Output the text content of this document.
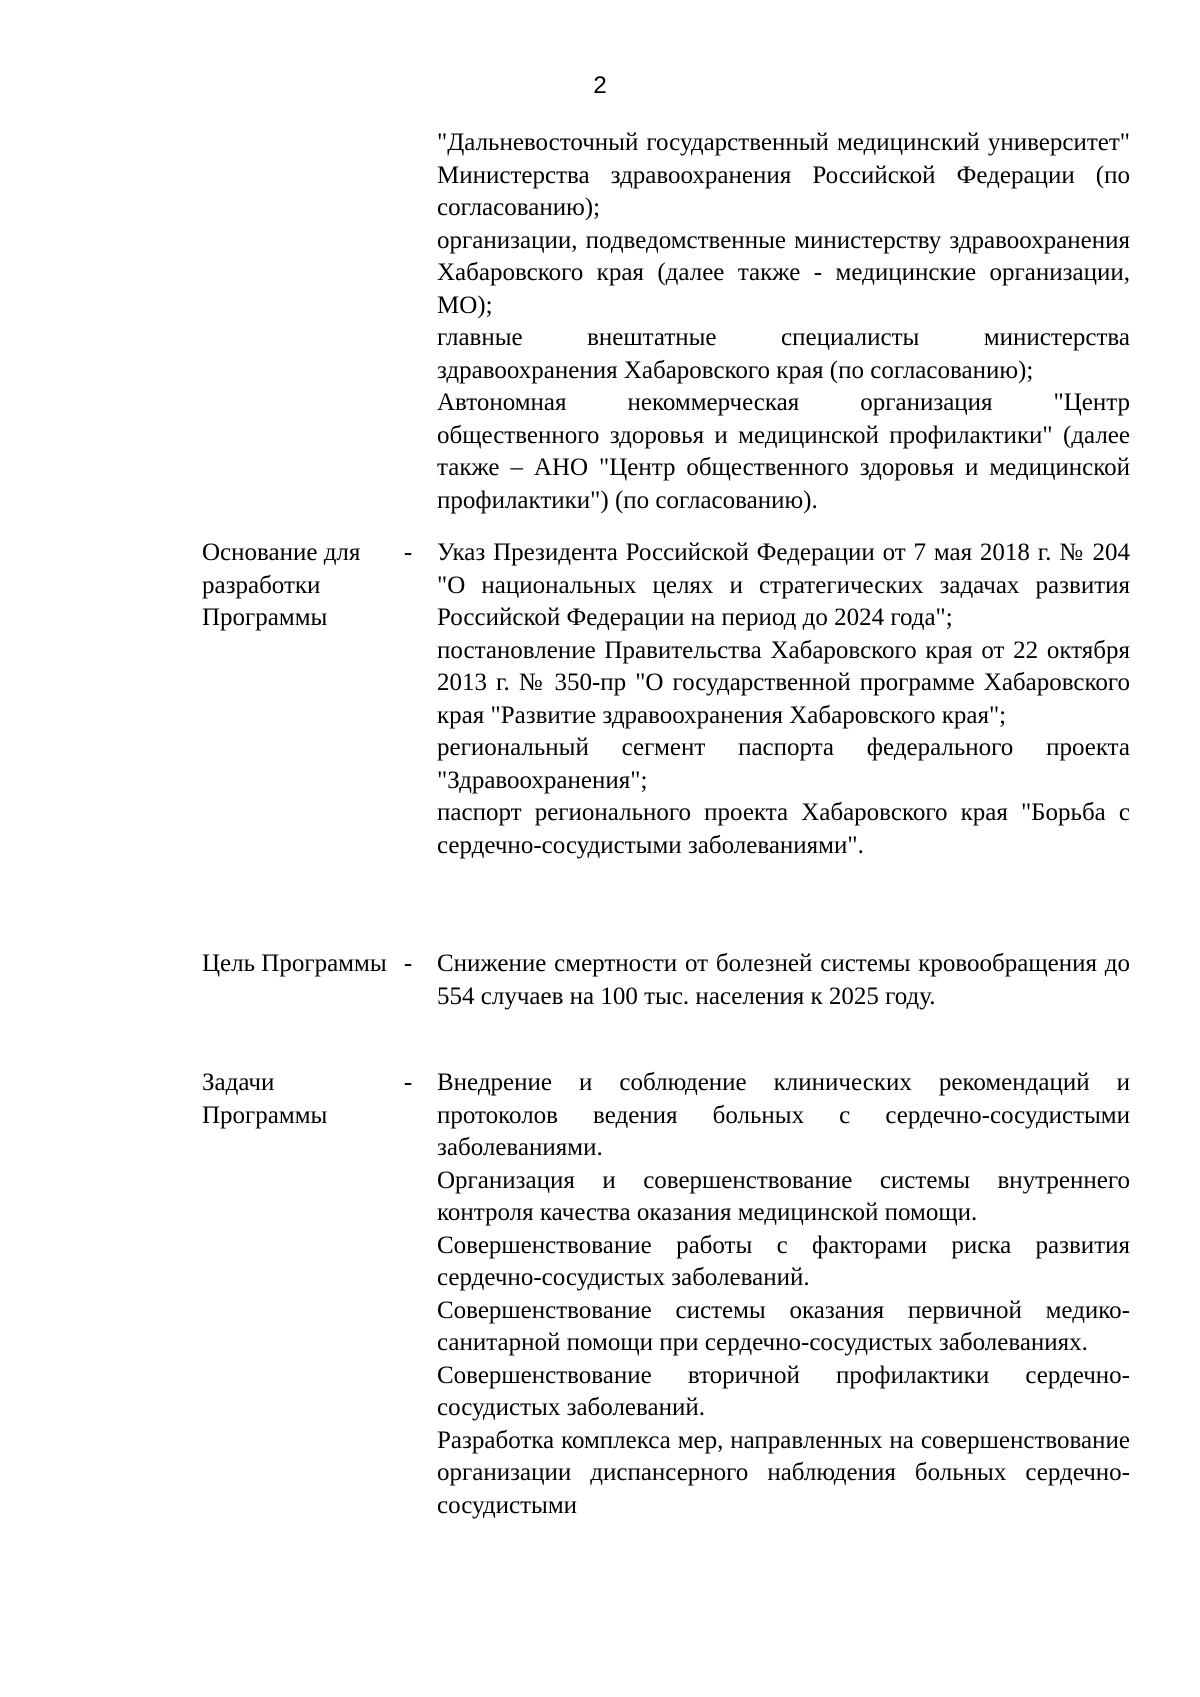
2

"Дальневосточный государственный медицинский университет" Министерства здравоохранения Российской Федерации (по согласованию);

организации, подведомственные министерству здравоохранения Хабаровского края (далее также - медицинские организации, МО);

главные внештатные специалисты министерства здравоохранения Хабаровского края (по согласованию);

Автономная некоммерческая организация "Центр общественного здоровья и медицинской профилактики" (далее также – АНО "Центр общественного здоровья и медицинской профилактики") (по согласованию).

Основание для разработки Программы
- Указ Президента Российской Федерации от 7 мая 2018 г. № 204 "О национальных целях и стратегических задачах развития Российской Федерации на период до 2024 года";

постановление Правительства Хабаровского края от 22 октября 2013 г. № 350-пр "О государственной программе Хабаровского края "Развитие здравоохранения Хабаровского края";

региональный сегмент паспорта федерального проекта "Здравоохранения";

паспорт регионального проекта Хабаровского края "Борьба с сердечно-сосудистыми заболеваниями".

Цель Программы - Снижение смертности от болезней системы кровообращения до 554 случаев на 100 тыс. населения к 2025 году.

Задачи Программы
- Внедрение и соблюдение клинических рекомендаций и протоколов ведения больных с сердечно-сосудистыми заболеваниями.

Организация и совершенствование системы внутреннего контроля качества оказания медицинской помощи.

Совершенствование работы с факторами риска развития сердечно-сосудистых заболеваний.

Совершенствование системы оказания первичной медико-санитарной помощи при сердечно-сосудистых заболеваниях.

Совершенствование вторичной профилактики сердечно-сосудистых заболеваний.

Разработка комплекса мер, направленных на совершенствование организации диспансерного наблюдения больных сердечно-сосудистыми
